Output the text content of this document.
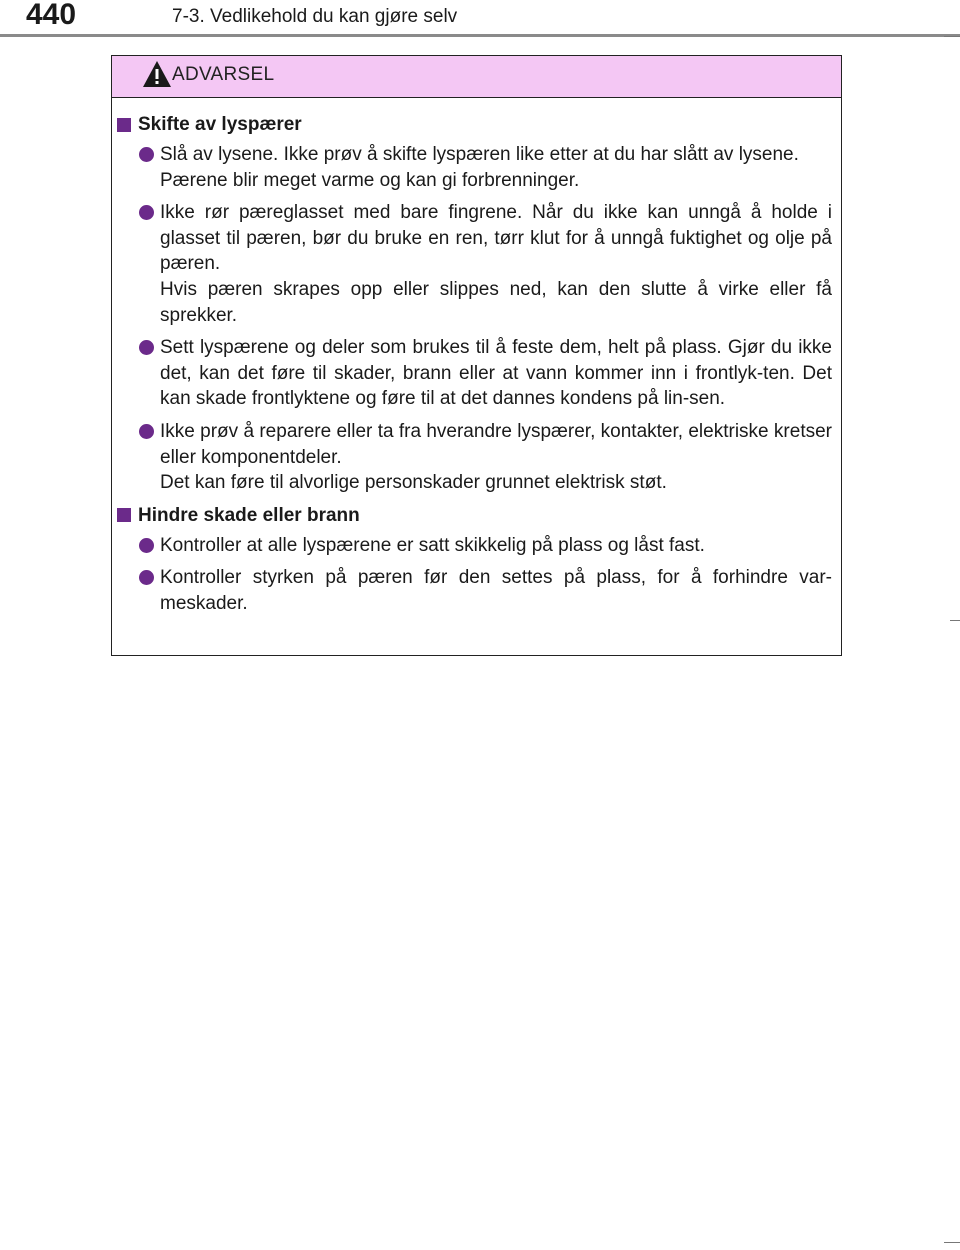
440	7-3. Vedlikehold du kan gjøre selv
ADVARSEL
Skifte av lyspærer
Slå av lysene. Ikke prøv å skifte lyspæren like etter at du har slått av lysene.
Pærene blir meget varme og kan gi forbrenninger.
Ikke rør pæreglasset med bare fingrene. Når du ikke kan unngå å holde i glasset til pæren, bør du bruke en ren, tørr klut for å unngå fuktighet og olje på pæren.
Hvis pæren skrapes opp eller slippes ned, kan den slutte å virke eller få sprekker.
Sett lyspærene og deler som brukes til å feste dem, helt på plass. Gjør du ikke det, kan det føre til skader, brann eller at vann kommer inn i frontlyk-ten. Det kan skade frontlyktene og føre til at det dannes kondens på lin-sen.
Ikke prøv å reparere eller ta fra hverandre lyspærer, kontakter, elektriske kretser eller komponentdeler.
Det kan føre til alvorlige personskader grunnet elektrisk støt.
Hindre skade eller brann
Kontroller at alle lyspærene er satt skikkelig på plass og låst fast.
Kontroller styrken på pæren før den settes på plass, for å forhindre var-meskader.
